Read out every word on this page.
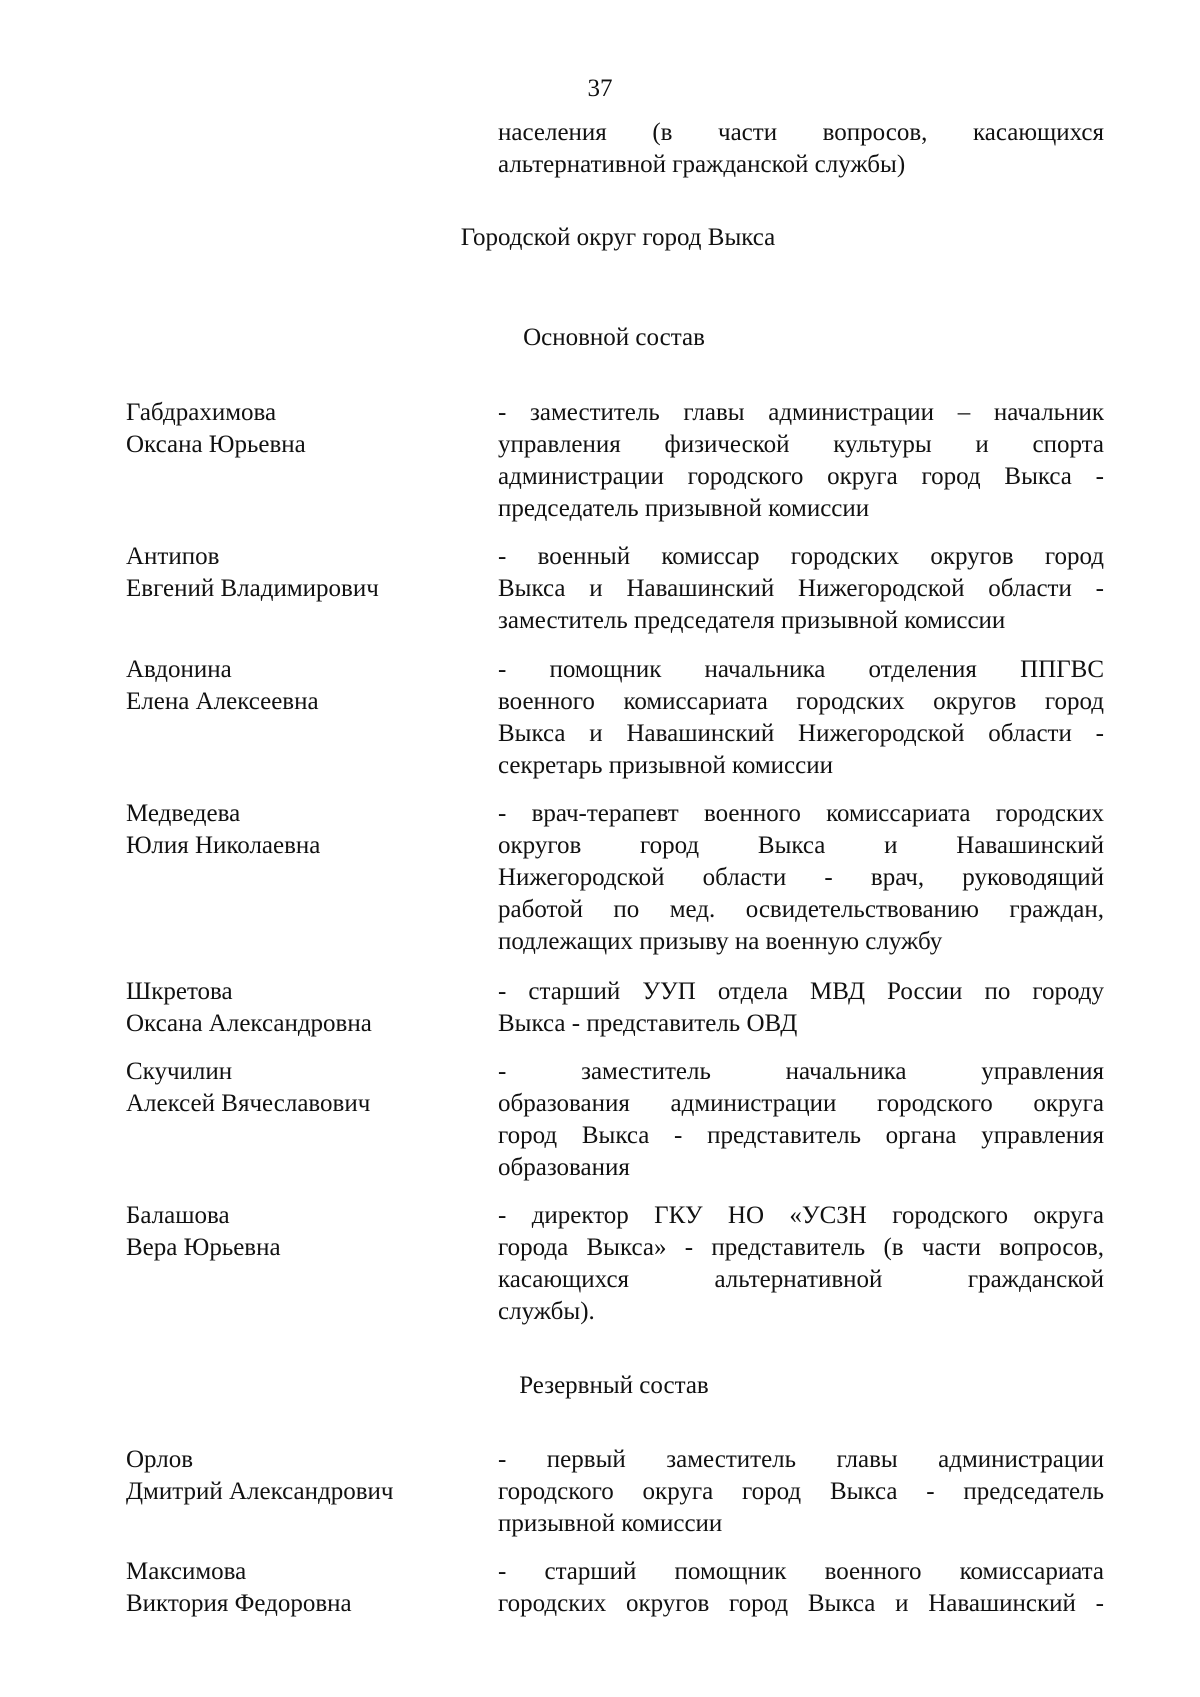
37
населения (в части вопросов, касающихся
альтернативной гражданской службы)
Городской округ город Выкса
Основной состав
Габдрахимова
Оксана Юрьевна
- заместитель главы администрации – начальник
управления физической культуры и спорта
администрации городского округа город Выкса -
председатель призывной комиссии
Антипов
Евгений Владимирович
- военный комиссар городских округов город
Выкса и Навашинский Нижегородской области -
заместитель председателя призывной комиссии
Авдонина
Елена Алексеевна
- помощник начальника отделения ППГВС
военного комиссариата городских округов город
Выкса и Навашинский Нижегородской области -
секретарь призывной комиссии
Медведева
Юлия Николаевна
- врач-терапевт военного комиссариата городских
округов город Выкса и Навашинский
Нижегородской области - врач, руководящий
работой по мед. освидетельствованию граждан,
подлежащих призыву на военную службу
Шкретова
Оксана Александровна
- старший УУП отдела МВД России по городу
Выкса - представитель ОВД
Скучилин
Алексей Вячеславович
- заместитель начальника управления
образования администрации городского округа
город Выкса - представитель органа управления
образования
Балашова
Вера Юрьевна
- директор ГКУ НО «УСЗН городского округа
города Выкса» - представитель (в части вопросов,
касающихся альтернативной гражданской
службы).
Резервный состав
Орлов
Дмитрий Александрович
- первый заместитель главы администрации
городского округа город Выкса - председатель
призывной комиссии
Максимова
Виктория Федоровна
- старший помощник военного комиссариата
городских округов город Выкса и Навашинский -
